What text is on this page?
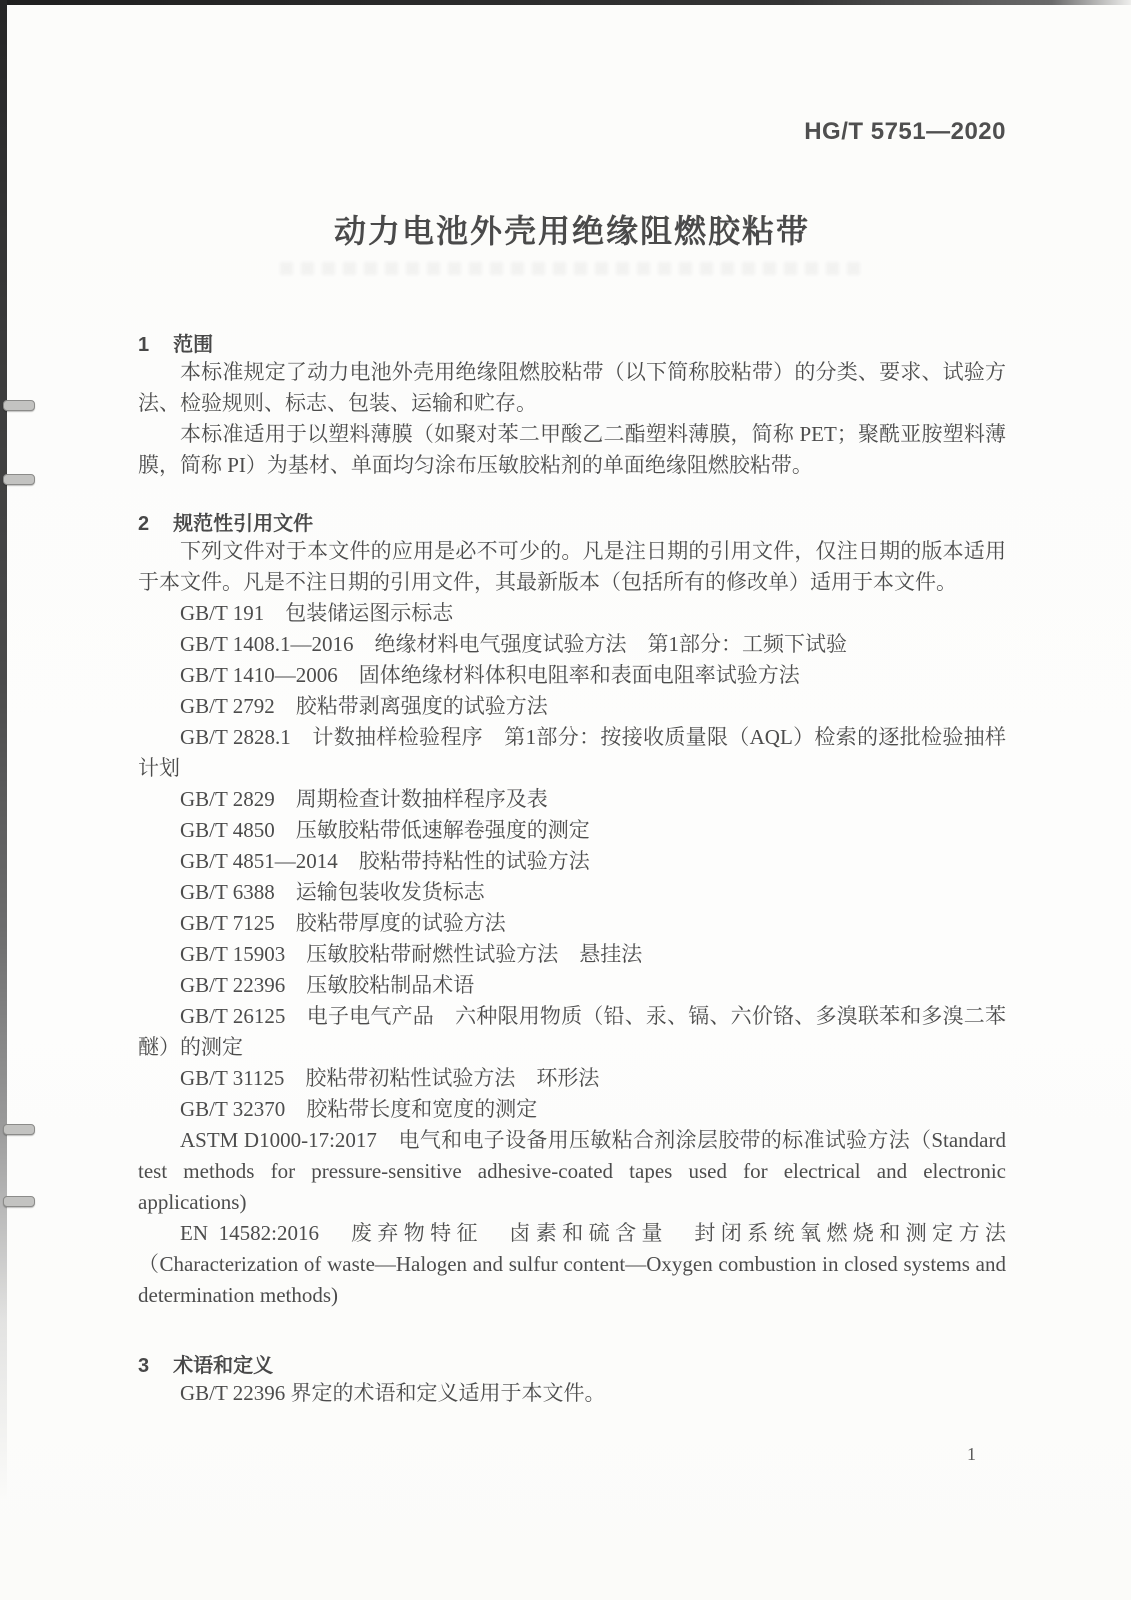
HG/T 5751—2020
动力电池外壳用绝缘阻燃胶粘带
1 范围

本标准规定了动力电池外壳用绝缘阻燃胶粘带（以下简称胶粘带）的分类、要求、试验方法、检验规则、标志、包装、运输和贮存。

本标准适用于以塑料薄膜（如聚对苯二甲酸乙二酯塑料薄膜，简称 PET；聚酰亚胺塑料薄膜，简称 PI）为基材、单面均匀涂布压敏胶粘剂的单面绝缘阻燃胶粘带。

2 规范性引用文件

下列文件对于本文件的应用是必不可少的。凡是注日期的引用文件，仅注日期的版本适用于本文件。凡是不注日期的引用文件，其最新版本（包括所有的修改单）适用于本文件。

GB/T 191　包装储运图示标志

GB/T 1408.1—2016　绝缘材料电气强度试验方法　第1部分：工频下试验

GB/T 1410—2006　固体绝缘材料体积电阻率和表面电阻率试验方法

GB/T 2792　胶粘带剥离强度的试验方法

GB/T 2828.1　计数抽样检验程序　第1部分：按接收质量限（AQL）检索的逐批检验抽样计划

GB/T 2829　周期检查计数抽样程序及表

GB/T 4850　压敏胶粘带低速解卷强度的测定

GB/T 4851—2014　胶粘带持粘性的试验方法

GB/T 6388　运输包装收发货标志

GB/T 7125　胶粘带厚度的试验方法

GB/T 15903　压敏胶粘带耐燃性试验方法　悬挂法

GB/T 22396　压敏胶粘制品术语

GB/T 26125　电子电气产品　六种限用物质（铅、汞、镉、六价铬、多溴联苯和多溴二苯醚）的测定

GB/T 31125　胶粘带初粘性试验方法　环形法

GB/T 32370　胶粘带长度和宽度的测定

ASTM D1000-17:2017　电气和电子设备用压敏粘合剂涂层胶带的标准试验方法（Standard test methods for pressure-sensitive adhesive-coated tapes used for electrical and electronic applications)

EN 14582:2016　废弃物特征　卤素和硫含量　封闭系统氧燃烧和测定方法（Characterization of waste—Halogen and sulfur content—Oxygen combustion in closed systems and determination methods)

3 术语和定义

GB/T 22396 界定的术语和定义适用于本文件。

1
